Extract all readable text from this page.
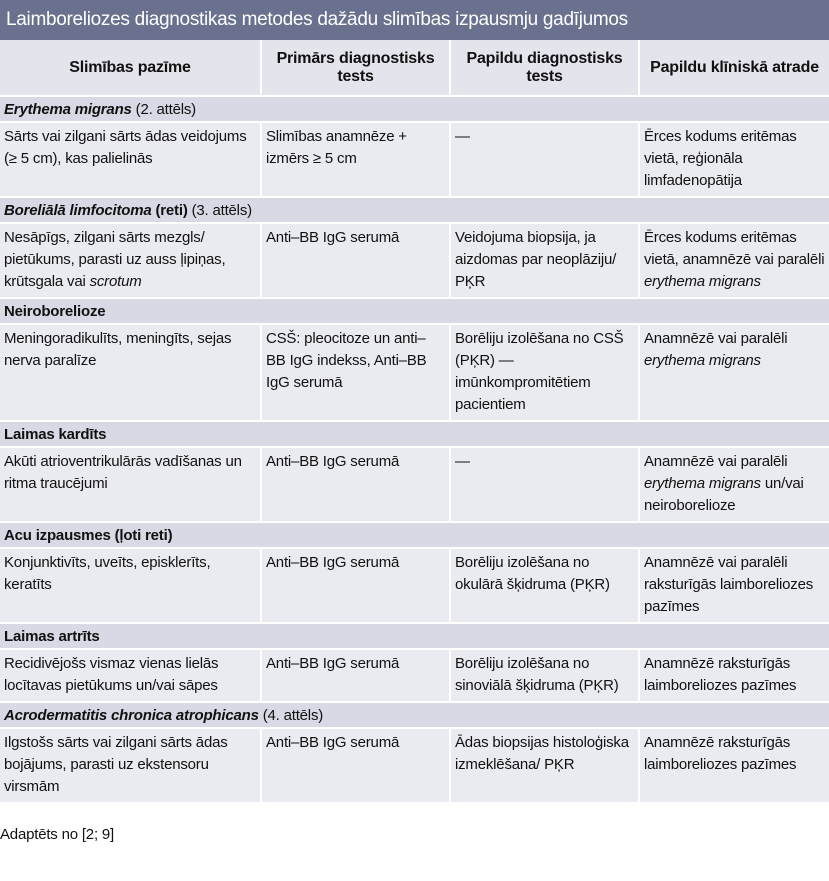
Laimboreliozes diagnostikas metodes dažādu slimības izpausmju gadījumos			
Slimības pazīme	Primārs diagnostisks tests	Papildu diagnostisks tests	Papildu klīniskā atrade
Erythema migrans (2. attēls)			
Sārts vai zilgani sārts ādas veidojums (≥ 5 cm), kas palielinās	Slimības anamnēze + izmērs ≥ 5 cm	—	Ērces kodums eritēmas vietā, reģionāla limfadenopātija
Boreliālā limfocitoma (reti) (3. attēls)			
Nesāpīgs, zilgani sārts mezgls/ pietūkums, parasti uz auss ļipiņas, krūtsgala vai scrotum	Anti–BB IgG serumā	Veidojuma biopsija, ja aizdomas par neoplāziju/ PĶR	Ērces kodums eritēmas vietā, anamnēzē vai paralēli erythema migrans
Neiroborelioze			
Meningoradikulīts, meningīts, sejas nerva paralīze	CSŠ: pleocitoze un anti–BB IgG indekss, Anti–BB IgG serumā	Borēliju izolēšana no CSŠ (PĶR) — imūnkompromitētiem pacientiem	Anamnēzē vai paralēli erythema migrans
Laimas kardīts			
Akūti atrioventrikulārās vadīšanas un ritma traucējumi	Anti–BB IgG serumā	—	Anamnēzē vai paralēli erythema migrans un/vai neiroborelioze
Acu izpausmes (ļoti reti)			
Konjunktivīts, uveīts, episklerīts, keratīts	Anti–BB IgG serumā	Borēliju izolēšana no okulārā šķidruma (PĶR)	Anamnēzē vai paralēli raksturīgās laimboreliozes pazīmes
Laimas artrīts			
Recidivējošs vismaz vienas lielās locītavas pietūkums un/vai sāpes	Anti–BB IgG serumā	Borēliju izolēšana no sinoviālā šķidruma (PĶR)	Anamnēzē raksturīgās laimboreliozes pazīmes
Acrodermatitis chronica atrophicans (4. attēls)			
Ilgstošs sārts vai zilgani sārts ādas bojājums, parasti uz ekstensoru virsmām	Anti–BB IgG serumā	Ādas biopsijas histoloģiska izmeklēšana/ PĶR	Anamnēzē raksturīgās laimboreliozes pazīmes
Adaptēts no [2; 9]
